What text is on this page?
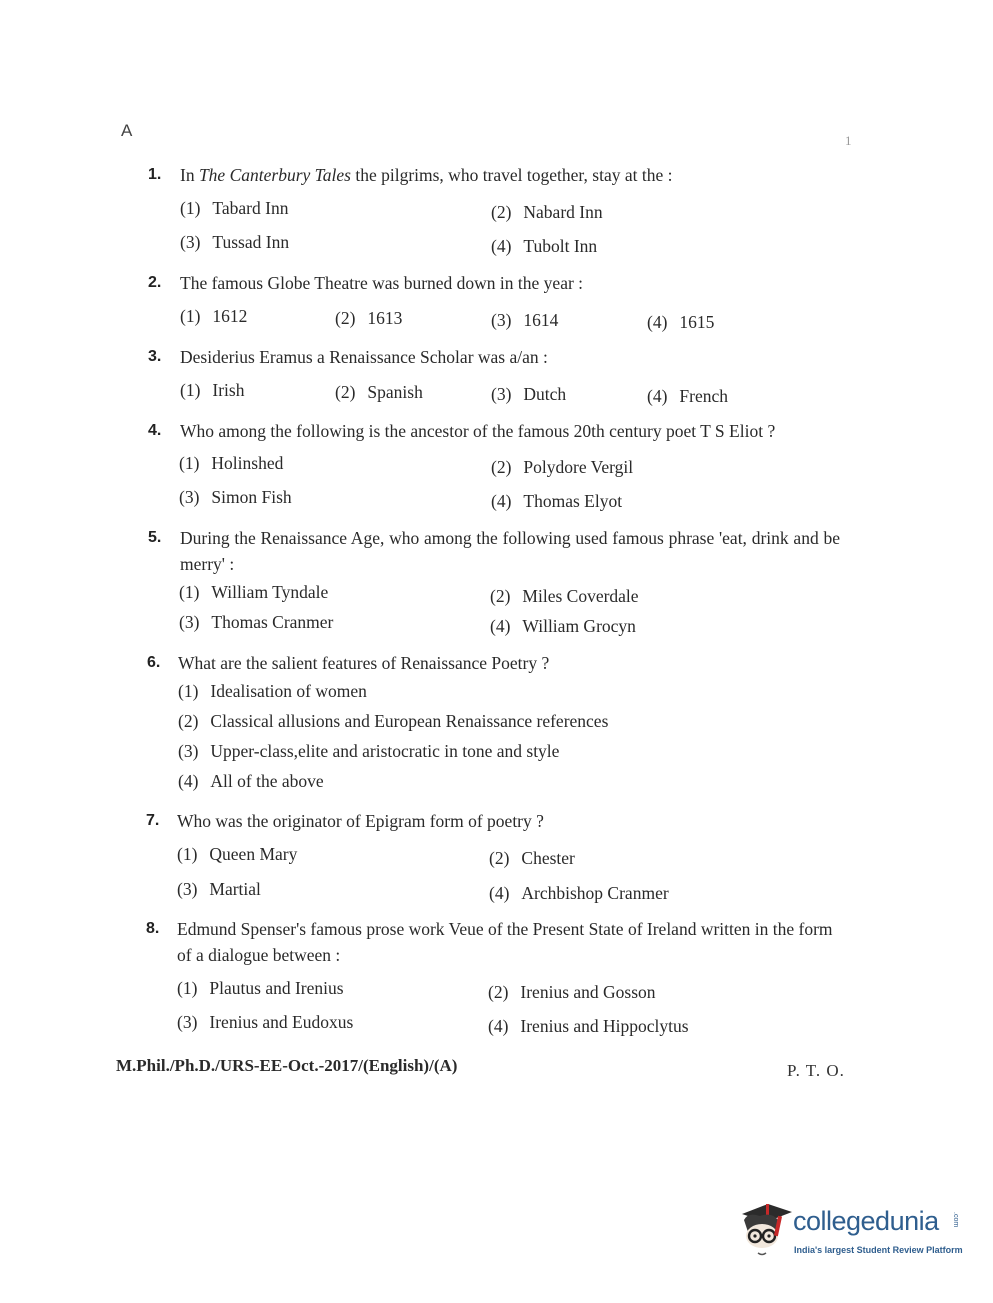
A
1
1. In The Canterbury Tales the pilgrims, who travel together, stay at the :
(1) Tabard Inn	(2) Nabard Inn
(3) Tussad Inn	(4) Tubolt Inn
2. The famous Globe Theatre was burned down in the year :
(1) 1612	(2) 1613	(3) 1614	(4) 1615
3. Desiderius Eramus a Renaissance Scholar was a/an :
(1) Irish	(2) Spanish	(3) Dutch	(4) French
4. Who among the following is the ancestor of the famous 20th century poet T S Eliot ?
(1) Holinshed	(2) Polydore Vergil
(3) Simon Fish	(4) Thomas Elyot
5. During the Renaissance Age, who among the following used famous phrase 'eat, drink and be merry' :
(1) William Tyndale	(2) Miles Coverdale
(3) Thomas Cranmer	(4) William Grocyn
6. What are the salient features of Renaissance Poetry ?
(1) Idealisation of women
(2) Classical allusions and European Renaissance references
(3) Upper-class,elite and aristocratic in tone and style
(4) All of the above
7. Who was the originator of Epigram form of poetry ?
(1) Queen Mary	(2) Chester
(3) Martial	(4) Archbishop Cranmer
8. Edmund Spenser's famous prose work Veue of the Present State of Ireland written in the form of a dialogue between :
(1) Plautus and Irenius	(2) Irenius and Gosson
(3) Irenius and Eudoxus	(4) Irenius and Hippoclytus
M.Phil./Ph.D./URS-EE-Oct.-2017/(English)/(A)	P. T. O.
collegedunia .com
India's largest Student Review Platform
